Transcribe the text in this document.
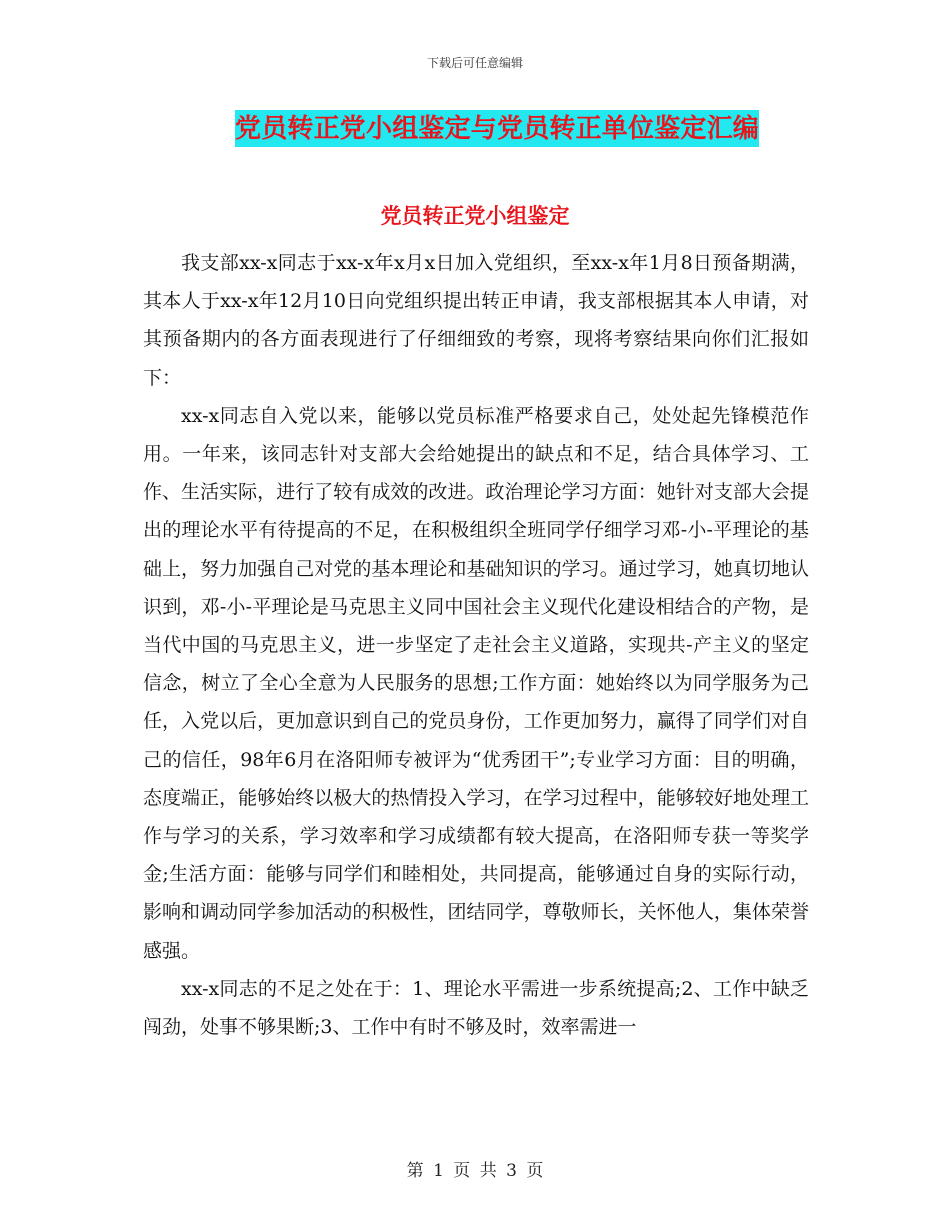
下载后可任意编辑
党员转正党小组鉴定与党员转正单位鉴定汇编
党员转正党小组鉴定

我支部xx-x同志于xx-x年x月x日加入党组织，至xx-x年1月8日预备期满，其本人于xx-x年12月10日向党组织提出转正申请，我支部根据其本人申请，对其预备期内的各方面表现进行了仔细细致的考察，现将考察结果向你们汇报如下：

xx-x同志自入党以来，能够以党员标准严格要求自己，处处起先锋模范作用。一年来，该同志针对支部大会给她提出的缺点和不足，结合具体学习、工作、生活实际，进行了较有成效的改进。政治理论学习方面：她针对支部大会提出的理论水平有待提高的不足，在积极组织全班同学仔细学习邓-小-平理论的基础上，努力加强自己对党的基本理论和基础知识的学习。通过学习，她真切地认识到，邓-小-平理论是马克思主义同中国社会主义现代化建设相结合的产物，是当代中国的马克思主义，进一步坚定了走社会主义道路，实现共-产主义的坚定信念，树立了全心全意为人民服务的思想;工作方面：她始终以为同学服务为己任，入党以后，更加意识到自己的党员身份，工作更加努力，赢得了同学们对自己的信任，98年6月在洛阳师专被评为“优秀团干”;专业学习方面：目的明确，态度端正，能够始终以极大的热情投入学习，在学习过程中，能够较好地处理工作与学习的关系，学习效率和学习成绩都有较大提高，在洛阳师专获一等奖学金;生活方面：能够与同学们和睦相处，共同提高，能够通过自身的实际行动，影响和调动同学参加活动的积极性，团结同学，尊敬师长，关怀他人，集体荣誉感强。

xx-x同志的不足之处在于：1、理论水平需进一步系统提高;2、工作中缺乏闯劲，处事不够果断;3、工作中有时不够及时，效率需进一

第 1 页 共 3 页
